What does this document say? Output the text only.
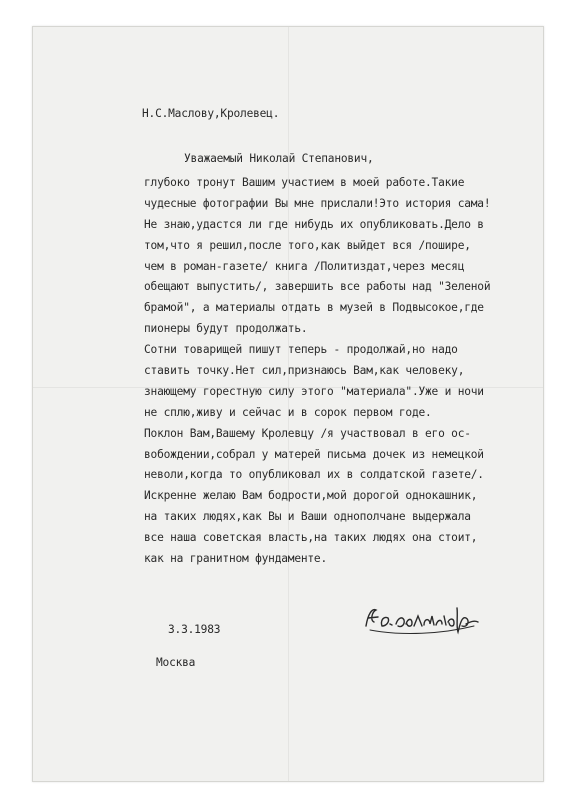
Н.С.Маслову,Кролевец.
Уважаемый Николай Степанович,
глубоко тронут Вашим участием в моей работе.Такие
чудесные фотографии Вы мне прислали!Это история сама!
Не знаю,удастся ли где нибудь их опубликовать.Дело в
том,что я решил,после того,как выйдет вся /пошире,
чем в роман-газете/ книга /Политиздат,через месяц
обещают выпустить/, завершить все работы над "Зеленой
брамой", а материалы отдать в музей в Подвысокое,где
пионеры будут продолжать.
Сотни товарищей пишут теперь - продолжай,но надо
ставить точку.Нет сил,признаюсь Вам,как человеку,
знающему горестную силу этого "материала".Уже и ночи
не сплю,живу и сейчас и в сорок первом годе.
Поклон Вам,Вашему Кролевцу /я участвовал в его ос-
вобождении,собрал у матерей письма дочек из немецкой
неволи,когда то опубликовал их в солдатской газете/.
Искренне желаю Вам бодрости,мой дорогой однокашник,
на таких людях,как Вы и Ваши однополчане выдержала
все наша советская власть,на таких людях она стоит,
как на гранитном фундаменте.
3.3.1983
Москва
